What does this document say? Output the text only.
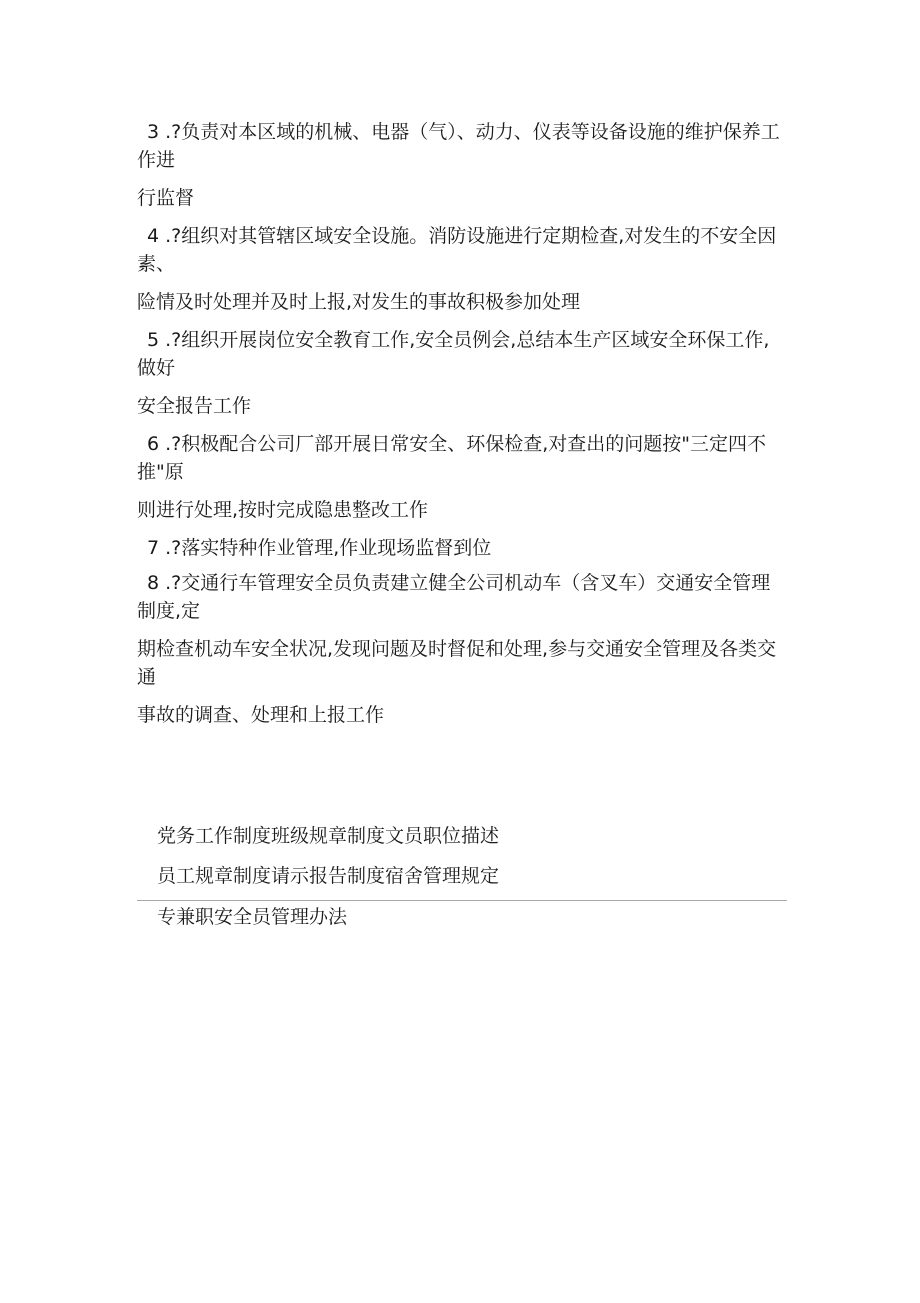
3 .?负责对本区域的机械、电器（气）、动力、仪表等设备设施的维护保养工作进

行监督

4 .?组织对其管辖区域安全设施。消防设施进行定期检查,对发生的不安全因素、

险情及时处理并及时上报,对发生的事故积极参加处理

5 .?组织开展岗位安全教育工作,安全员例会,总结本生产区域安全环保工作,做好

安全报告工作

6 .?积极配合公司厂部开展日常安全、环保检查,对查出的问题按"三定四不推"原

则进行处理,按时完成隐患整改工作

7 .?落实特种作业管理,作业现场监督到位

8 .?交通行车管理安全员负责建立健全公司机动车（含叉车）交通安全管理制度,定

期检查机动车安全状况,发现问题及时督促和处理,参与交通安全管理及各类交通

事故的调查、处理和上报工作

党务工作制度班级规章制度文员职位描述

员工规章制度请示报告制度宿舍管理规定

专兼职安全员管理办法
